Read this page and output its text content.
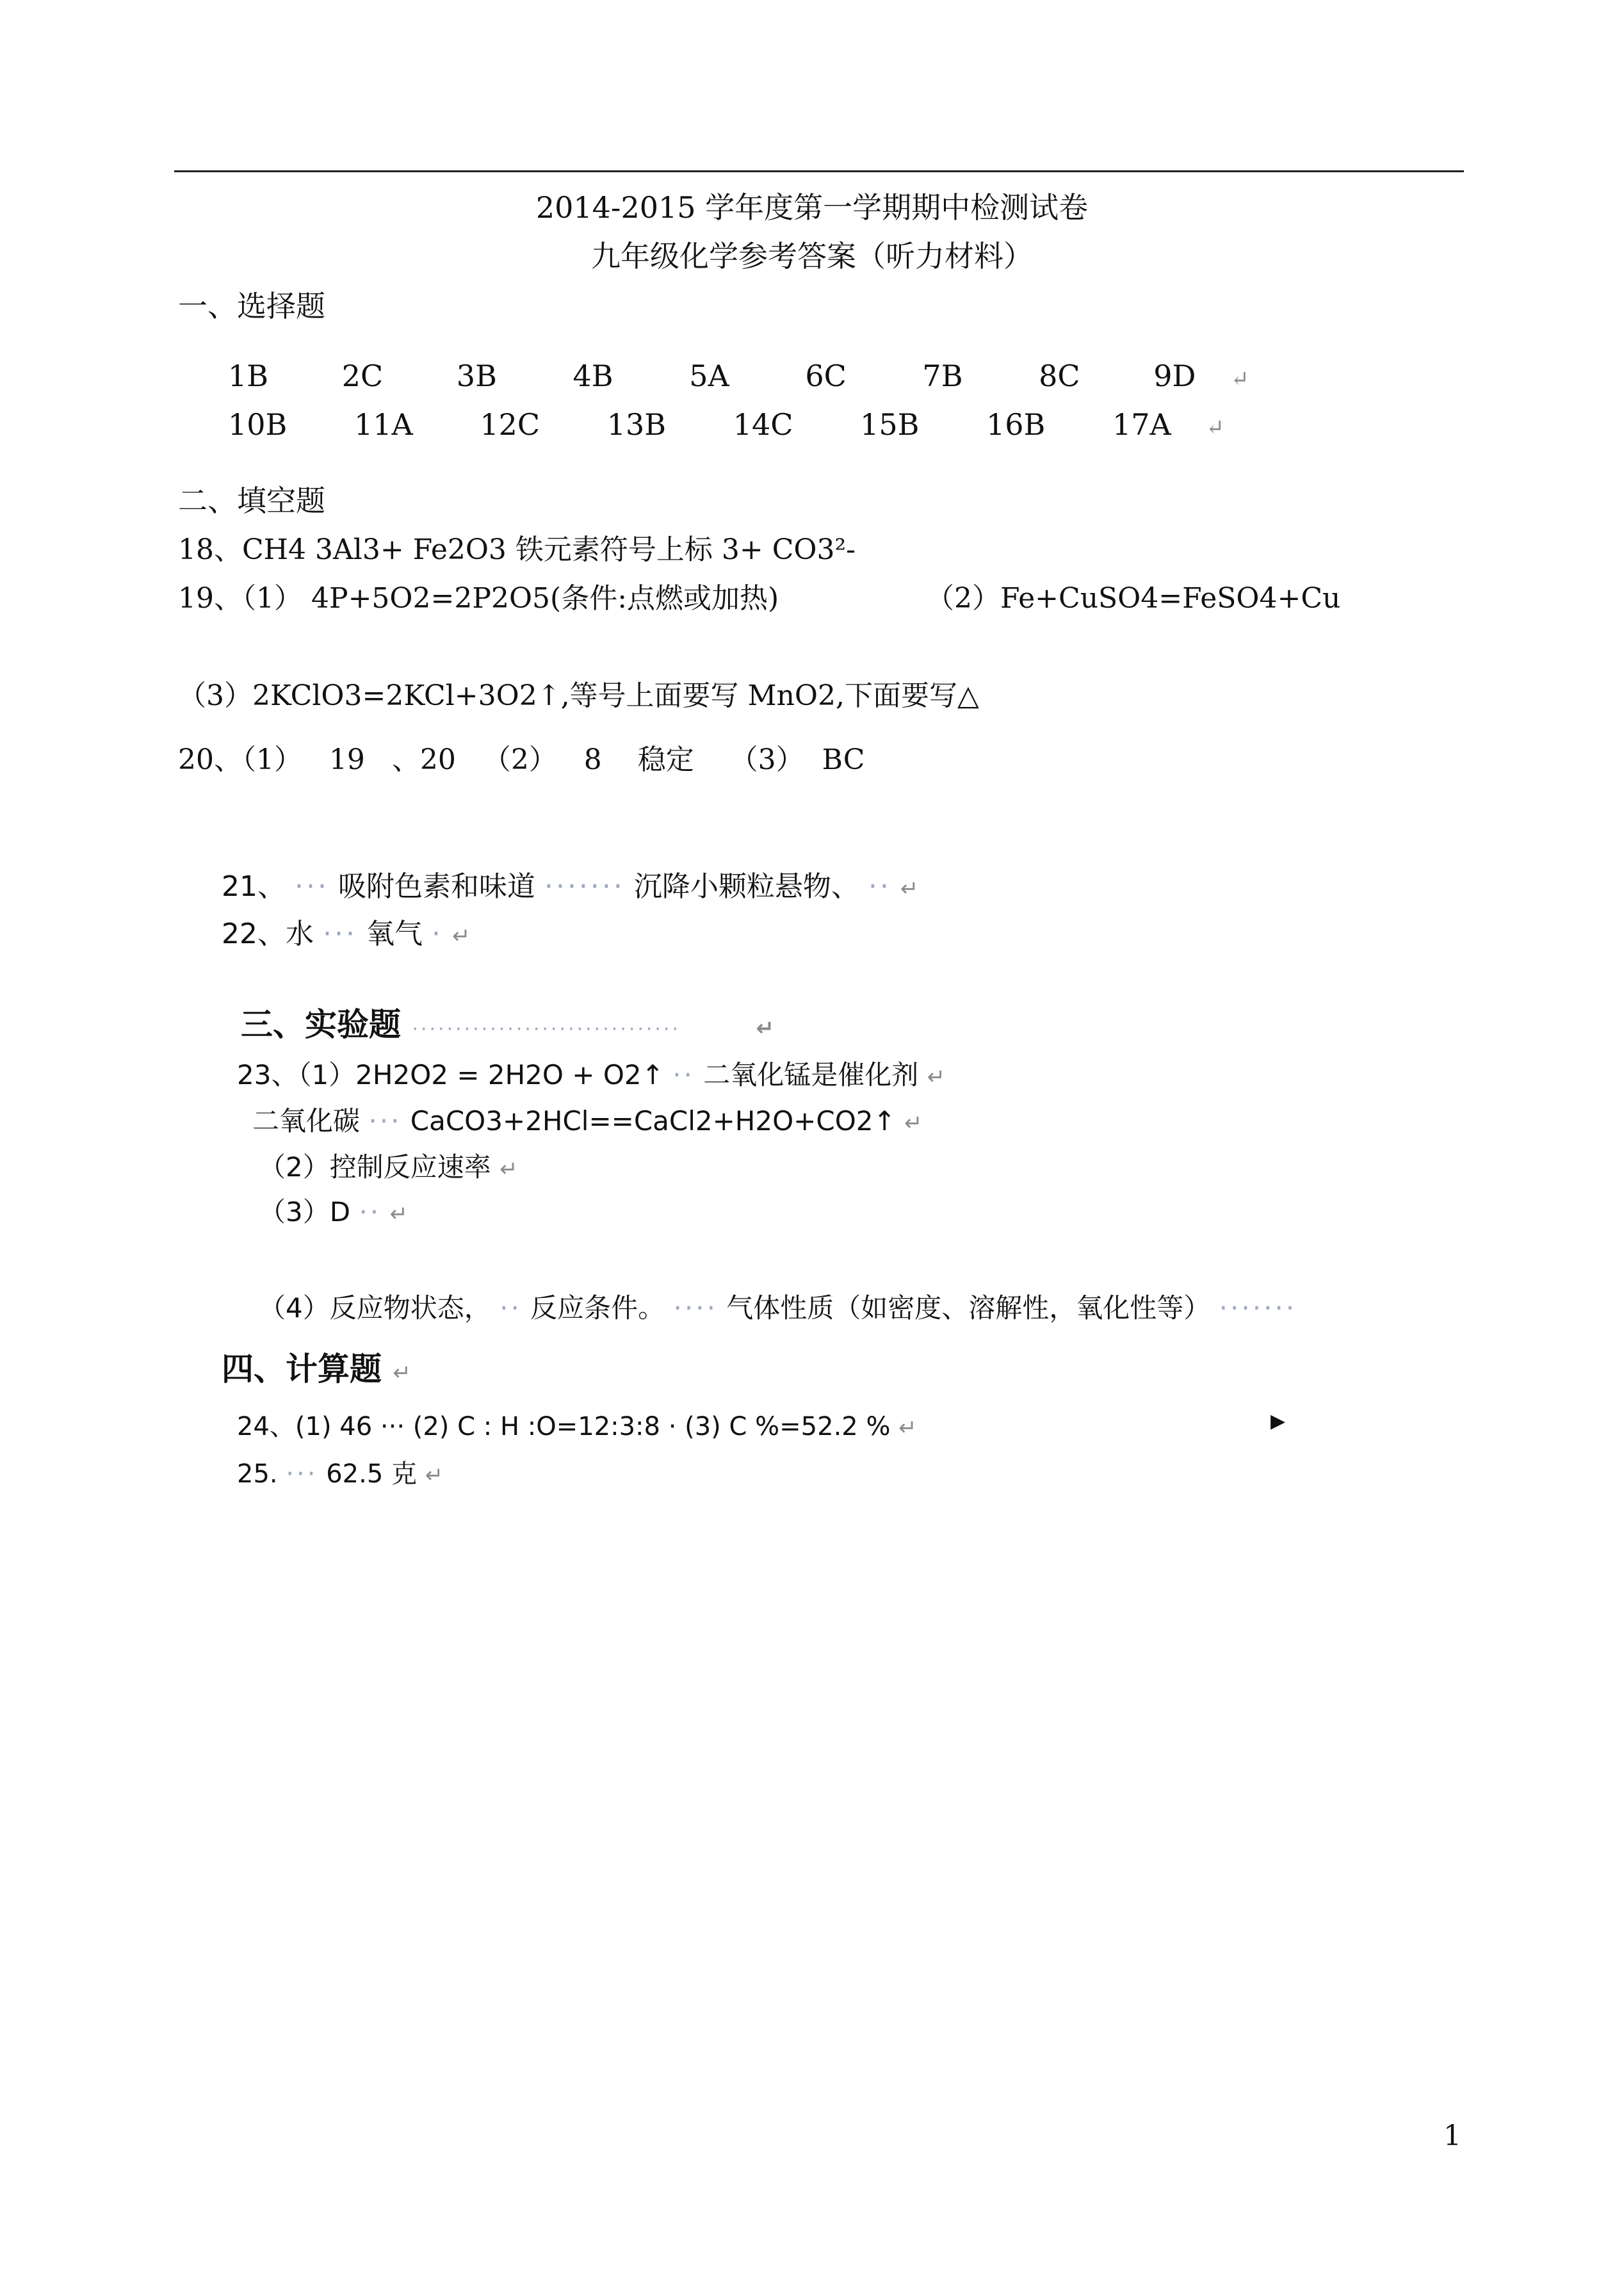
2014-2015 学年度第一学期期中检测试卷
九年级化学参考答案（听力材料）
一、选择题
1B 2C 3B	4B	5A	6C	7B	8C 9D ↵
10B 11A 12C 13B 14C 15B 16B 17A ↵
二、填空题
18、CH4 3Al3+ Fe2O3 铁元素符号上标 3+ CO3²-
19、（1） 4P+5O2=2P2O5(条件:点燃或加热)	（2）Fe+CuSO4=FeSO4+Cu
（3）2KClO3=2KCl+3O2↑,等号上面要写 MnO2,下面要写△
20、（1）   19   、20   （2）   8    稳定    （3）  BC
21、 ··· 吸附色素和味道 ······· 沉降小颗粒悬物、 ·· ↵
22、水 ··· 氧气 · ↵
三、实验题 ·······························	↵
23、（1）2H2O2 = 2H2O + O2↑ ·· 二氧化锰是催化剂 ↵
二氧化碳 ··· CaCO3+2HCl==CaCl2+H2O+CO2↑ ↵
（2）控制反应速率 ↵
（3）D ·· ↵
（4）反应物状态， ·· 反应条件。 ···· 气体性质（如密度、溶解性，氧化性等） ·······
四、计算题 ↵
24、(1) 46 ··· (2) C : H :O=12:3:8 · (3) C %=52.2 % ↵	▶
25. ··· 62.5 克 ↵
1
